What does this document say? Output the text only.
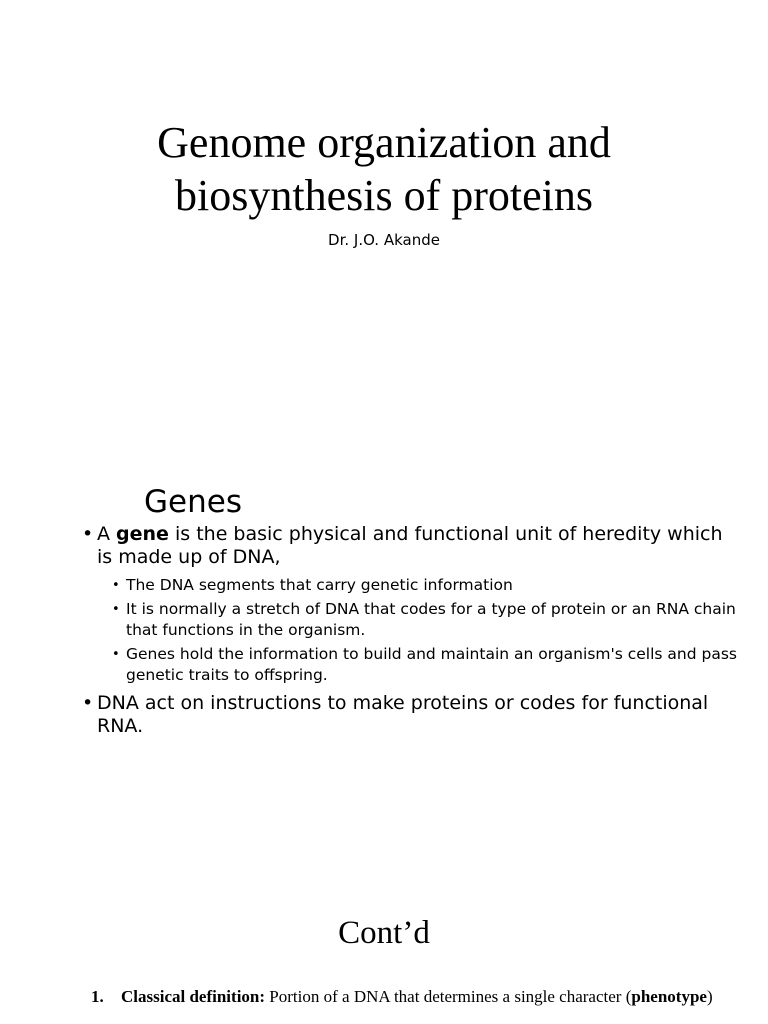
Genome organization and
biosynthesis of proteins
Dr. J.O. Akande
Genes
• A gene is the basic physical and functional unit of heredity which is made up of DNA,
• The DNA segments that carry genetic information
• It is normally a stretch of DNA that codes for a type of protein or an RNA chain that functions in the organism.
• Genes hold the information to build and maintain an organism's cells and pass genetic traits to offspring.
• DNA act on instructions to make proteins or codes for functional RNA.
Cont’d
1. Classical definition: Portion of a DNA that determines a single character (phenotype)
